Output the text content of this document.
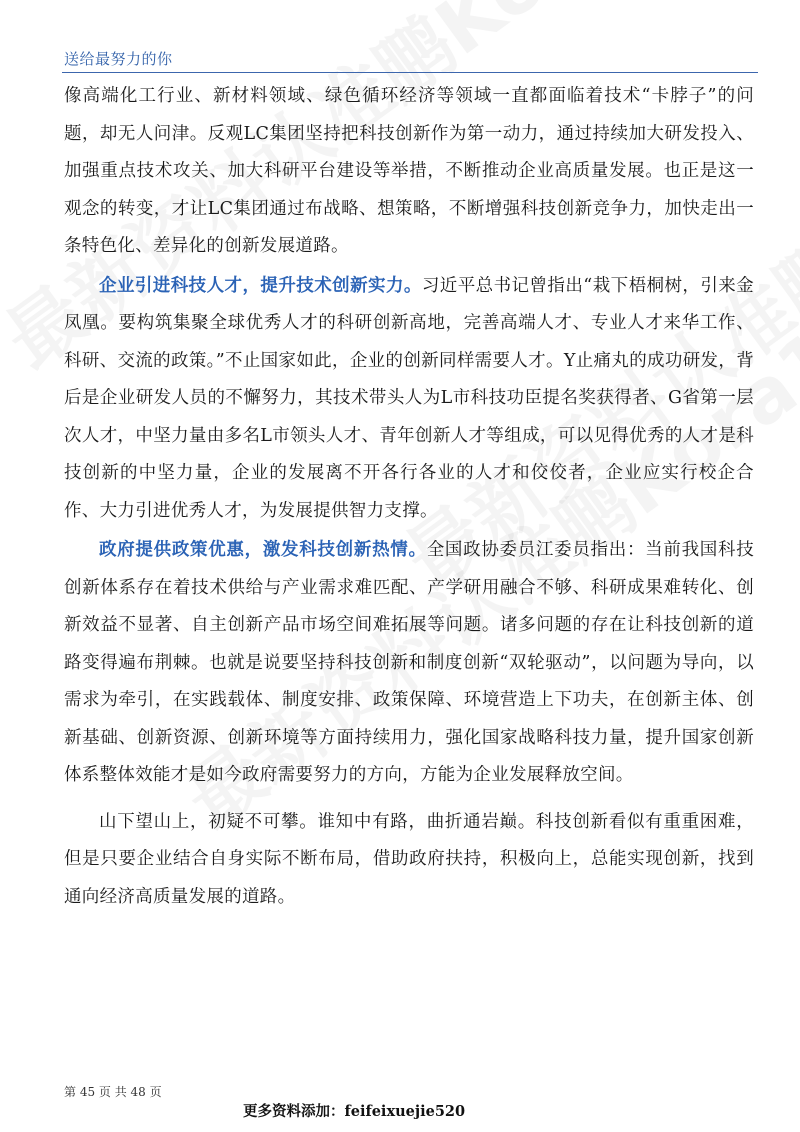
送给最努力的你

像高端化工行业、新材料领域、绿色循环经济等领域一直都面临着技术“卡脖子”的问题，却无人问津。反观LC集团坚持把科技创新作为第一动力，通过持续加大研发投入、加强重点技术攻关、加大科研平台建设等举措，不断推动企业高质量发展。也正是这一观念的转变，才让LC集团通过布战略、想策略，不断增强科技创新竞争力，加快走出一条特色化、差异化的创新发展道路。

企业引进科技人才，提升技术创新实力。习近平总书记曾指出“栽下梧桐树，引来金凤凰。要构筑集聚全球优秀人才的科研创新高地，完善高端人才、专业人才来华工作、科研、交流的政策。”不止国家如此，企业的创新同样需要人才。Y止痛丸的成功研发，背后是企业研发人员的不懈努力，其技术带头人为L市科技功臣提名奖获得者、G省第一层次人才，中坚力量由多名L市领头人才、青年创新人才等组成，可以见得优秀的人才是科技创新的中坚力量，企业的发展离不开各行各业的人才和佼佼者，企业应实行校企合作、大力引进优秀人才，为发展提供智力支撑。

政府提供政策优惠，激发科技创新热情。全国政协委员江委员指出：当前我国科技创新体系存在着技术供给与产业需求难匹配、产学研用融合不够、科研成果难转化、创新效益不显著、自主创新产品市场空间难拓展等问题。诸多问题的存在让科技创新的道路变得遍布荆棘。也就是说要坚持科技创新和制度创新“双轮驱动”，以问题为导向，以需求为牵引，在实践载体、制度安排、政策保障、环境营造上下功夫，在创新主体、创新基础、创新资源、创新环境等方面持续用力，强化国家战略科技力量，提升国家创新体系整体效能才是如今政府需要努力的方向，方能为企业发展释放空间。

山下望山上，初疑不可攀。谁知中有路，曲折通岩巅。科技创新看似有重重困难，但是只要企业结合自身实际不断布局，借助政府扶持，积极向上，总能实现创新，找到通向经济高质量发展的道路。

第 45 页 共 48 页
更多资料添加：feifeixuejie520
